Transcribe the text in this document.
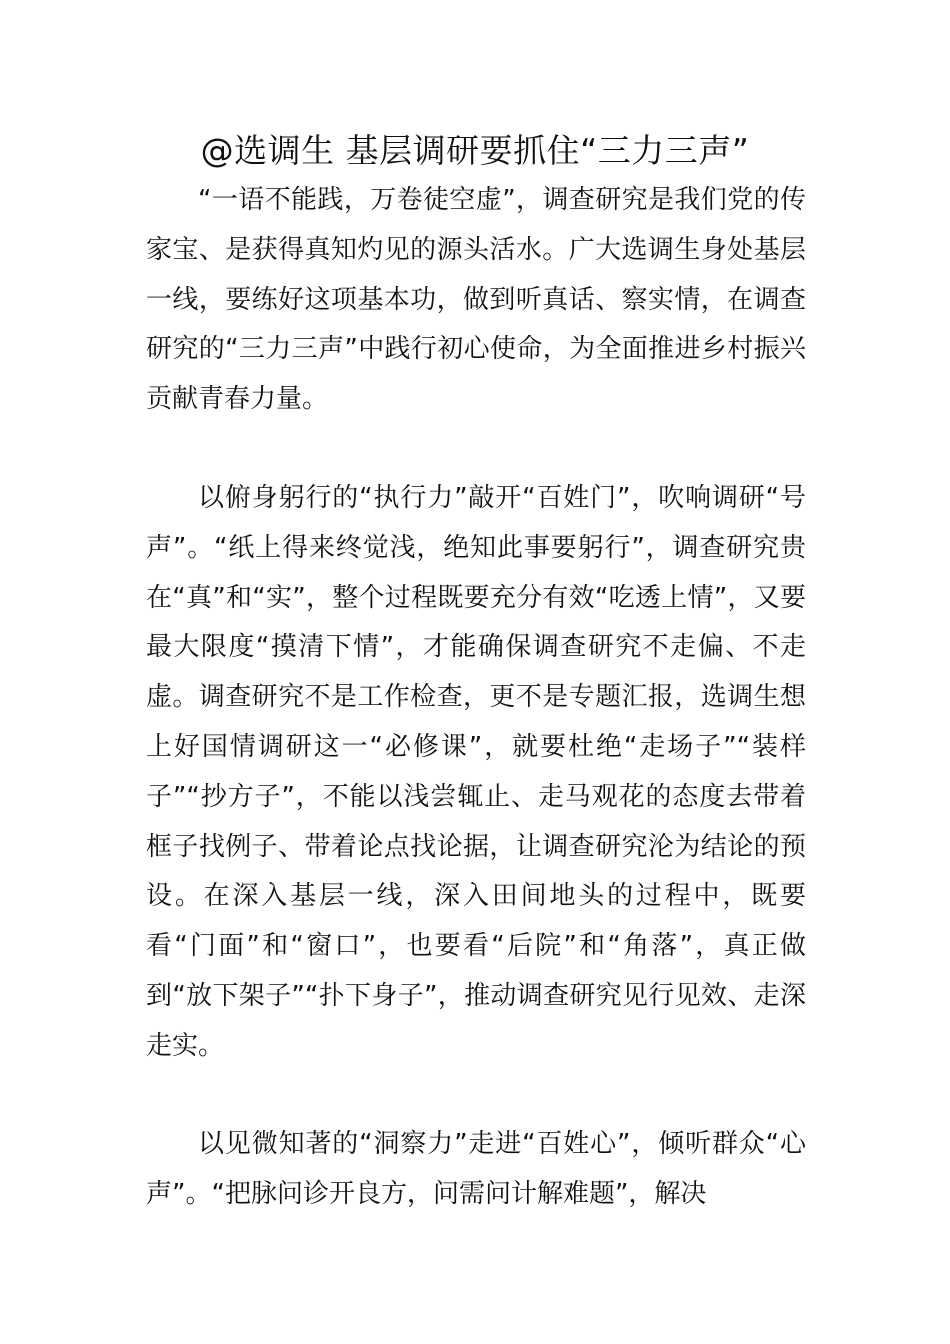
@选调生 基层调研要抓住“三力三声”

“一语不能践，万卷徒空虚”，调查研究是我们党的传家宝、是获得真知灼见的源头活水。广大选调生身处基层一线，要练好这项基本功，做到听真话、察实情，在调查研究的“三力三声”中践行初心使命，为全面推进乡村振兴贡献青春力量。

以俯身躬行的“执行力”敲开“百姓门”，吹响调研“号声”。“纸上得来终觉浅，绝知此事要躬行”，调查研究贵在“真”和“实”，整个过程既要充分有效“吃透上情”，又要最大限度“摸清下情”，才能确保调查研究不走偏、不走虚。调查研究不是工作检查，更不是专题汇报，选调生想上好国情调研这一“必修课”，就要杜绝“走场子”“装样子”“抄方子”，不能以浅尝辄止、走马观花的态度去带着框子找例子、带着论点找论据，让调查研究沦为结论的预设。在深入基层一线，深入田间地头的过程中，既要看“门面”和“窗口”，也要看“后院”和“角落”，真正做到“放下架子”“扑下身子”，推动调查研究见行见效、走深走实。

以见微知著的“洞察力”走进“百姓心”，倾听群众“心声”。“把脉问诊开良方，问需问计解难题”，解决
